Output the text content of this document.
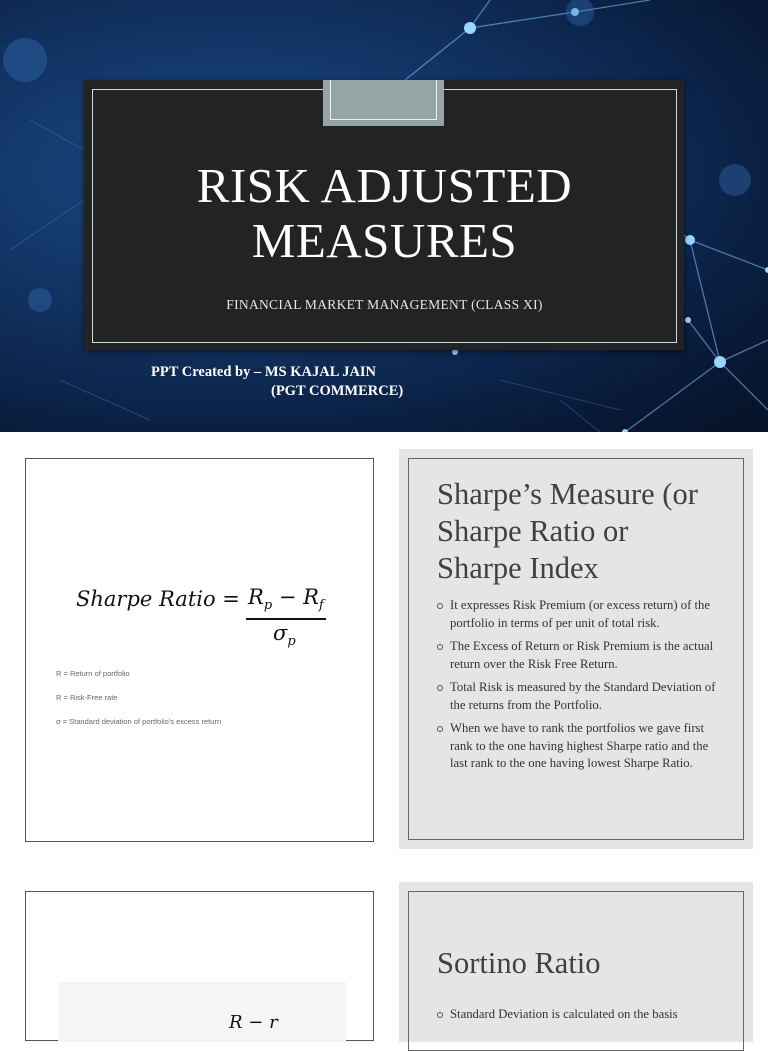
RISK ADJUSTED
MEASURES
FINANCIAL MARKET MANAGEMENT (CLASS XI)
PPT Created by – MS KAJAL JAIN
(PGT COMMERCE)
Sharpe Ratio = $R_p - R_f$
$\sigma_p$
R = Return of portfolio
R = Risk-Free rate
σ = Standard deviation of portfolio's excess return
Sharpe’s Measure (or
Sharpe Ratio or
Sharpe Index
It expresses Risk Premium (or excess return) of the portfolio in terms of per unit of total risk.
The Excess of Return or Risk Premium is the actual return over the Risk Free Return.
Total Risk is measured by the Standard Deviation of the returns from the Portfolio.
When we have to rank the portfolios we gave first rank to the one having highest Sharpe ratio and the last rank to the one having lowest Sharpe Ratio.
R − r
Sortino Ratio
Standard Deviation is calculated on the basis
